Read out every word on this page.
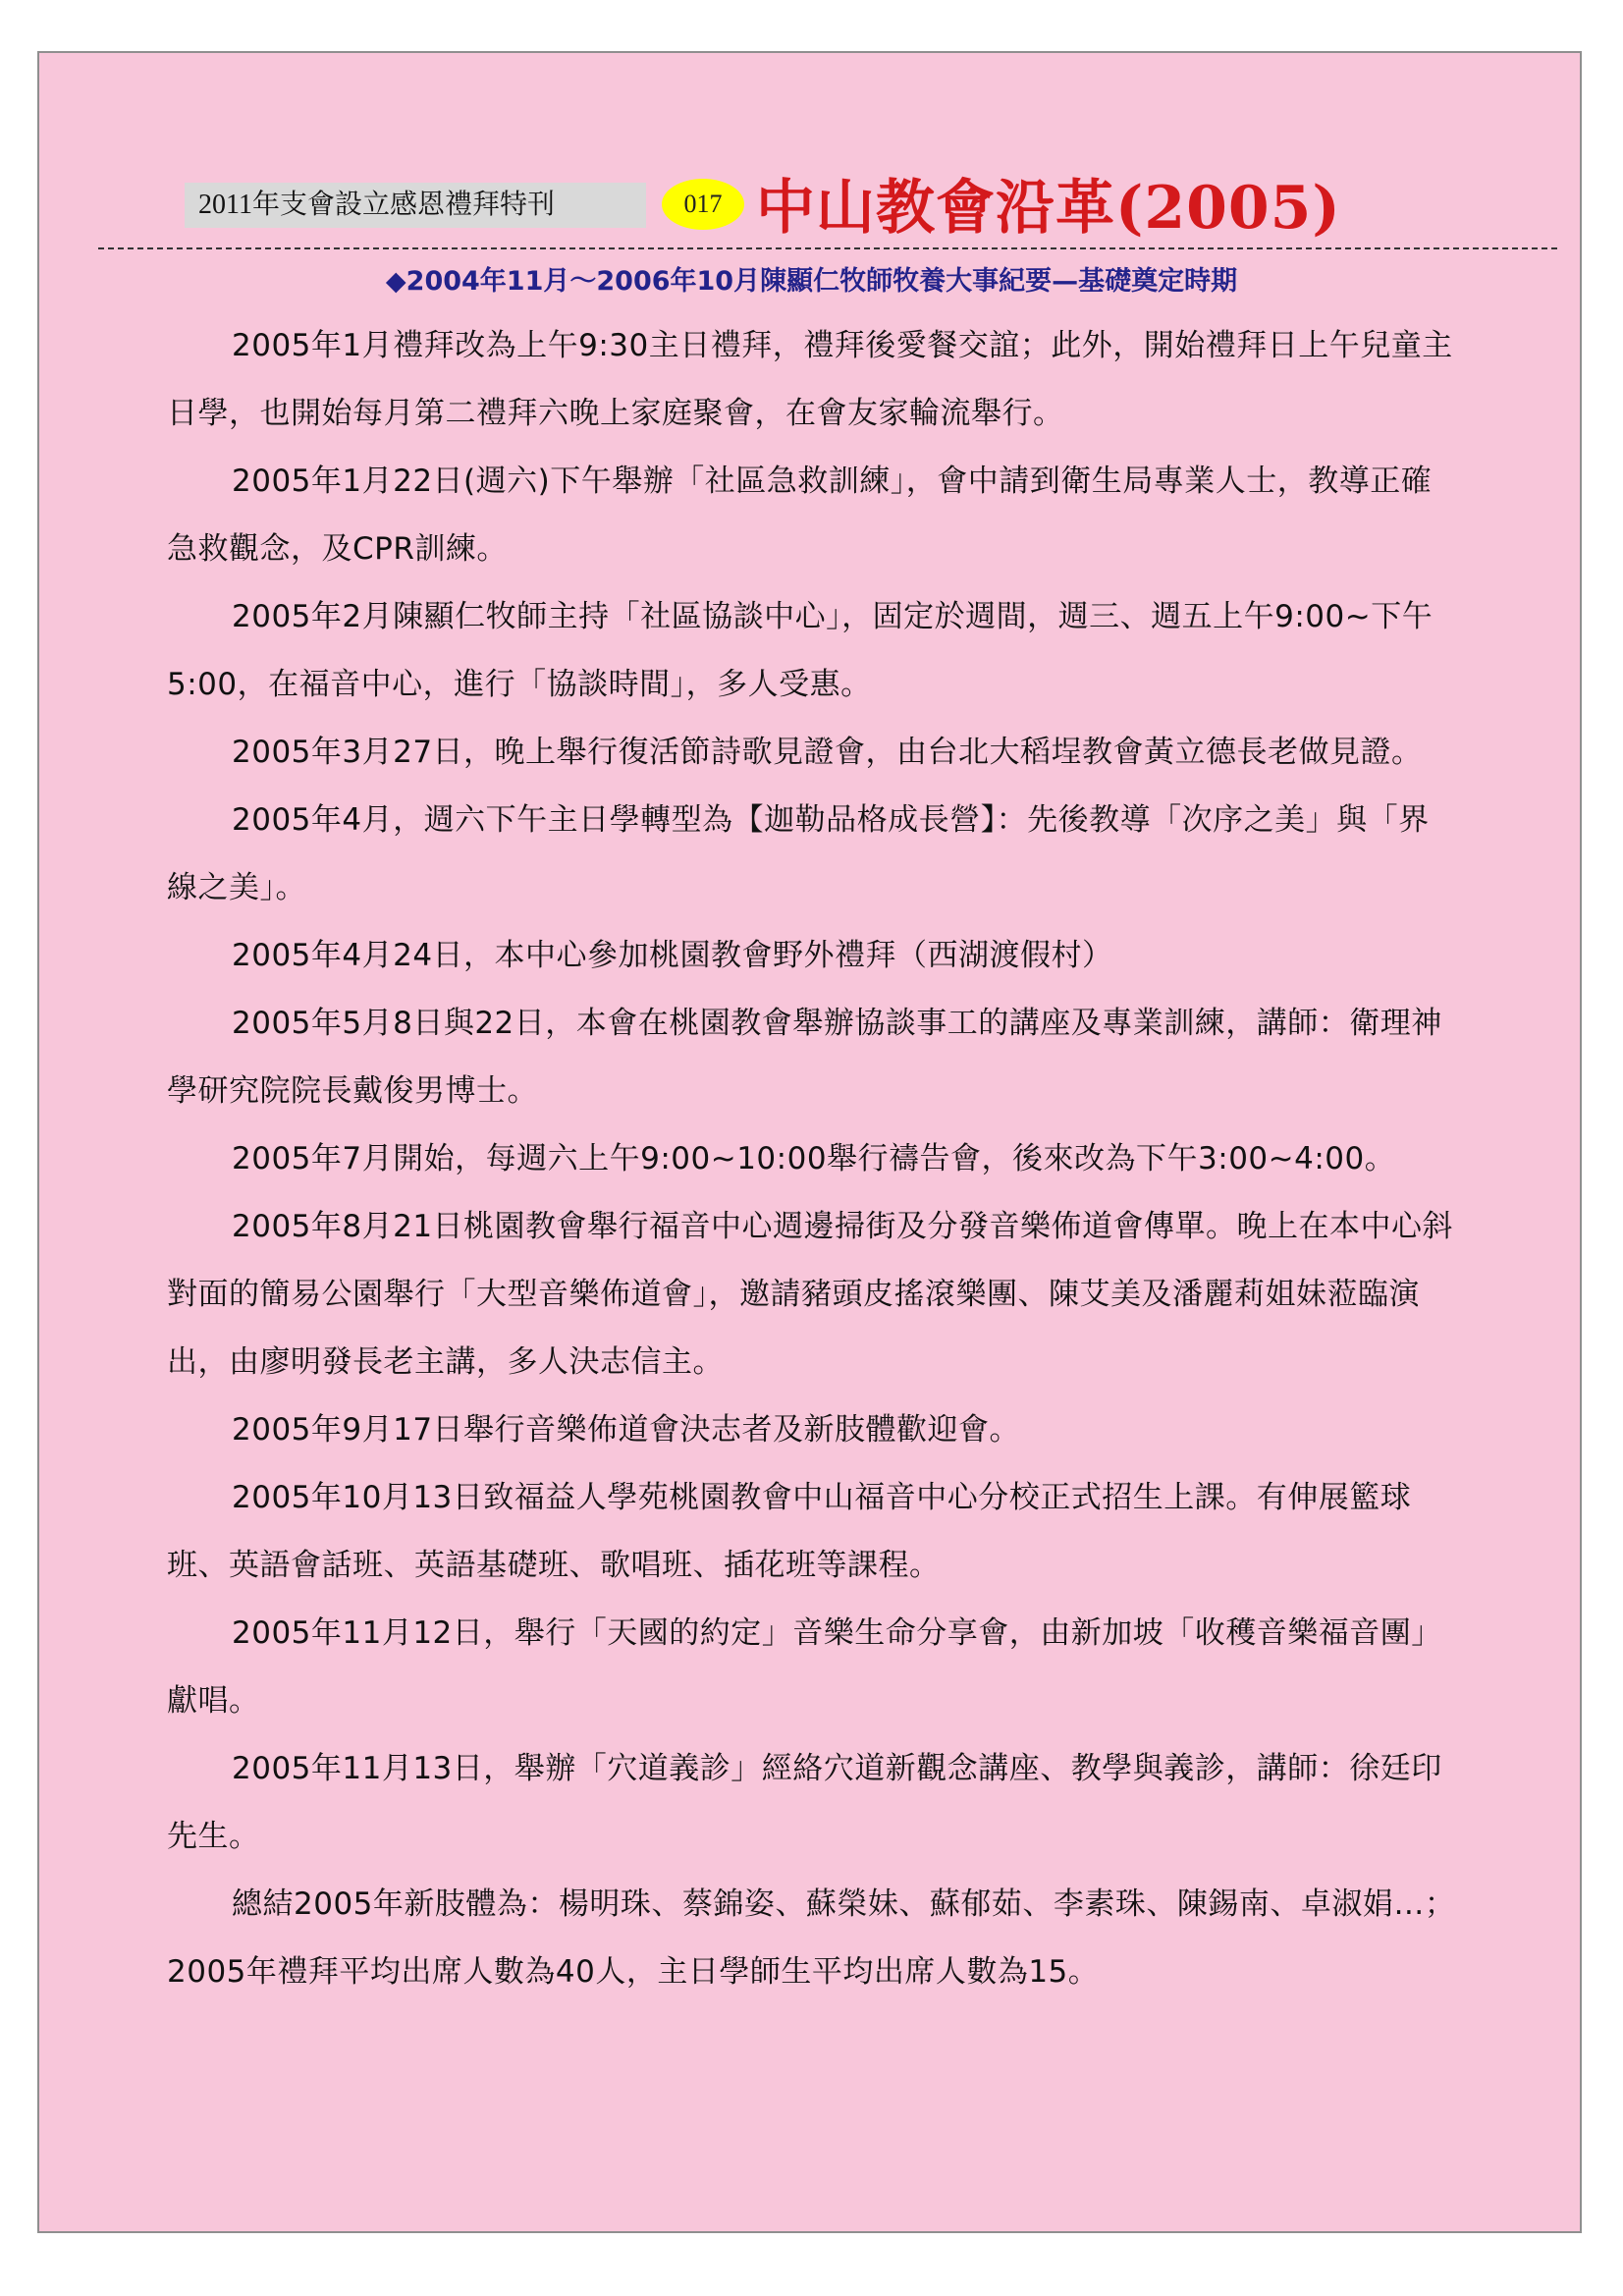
2011年支會設立感恩禮拜特刊	017 中山教會沿革(2005)
◆2004年11月～2006年10月陳顯仁牧師牧養大事紀要—基礎奠定時期

2005年1月禮拜改為上午9:30主日禮拜，禮拜後愛餐交誼；此外，開始禮拜日上午兒童主日學，也開始每月第二禮拜六晚上家庭聚會，在會友家輪流舉行。

2005年1月22日(週六)下午舉辦「社區急救訓練」，會中請到衛生局專業人士，教導正確急救觀念，及CPR訓練。

2005年2月陳顯仁牧師主持「社區協談中心」，固定於週間，週三、週五上午9:00~下午5:00，在福音中心，進行「協談時間」，多人受惠。

2005年3月27日，晚上舉行復活節詩歌見證會，由台北大稻埕教會黃立德長老做見證。

2005年4月，週六下午主日學轉型為【迦勒品格成長營】：先後教導「次序之美」與「界線之美」。

2005年4月24日，本中心參加桃園教會野外禮拜（西湖渡假村）

2005年5月8日與22日，本會在桃園教會舉辦協談事工的講座及專業訓練，講師：衛理神學研究院院長戴俊男博士。

2005年7月開始，每週六上午9:00~10:00舉行禱告會，後來改為下午3:00~4:00。

2005年8月21日桃園教會舉行福音中心週邊掃街及分發音樂佈道會傳單。晚上在本中心斜對面的簡易公園舉行「大型音樂佈道會」，邀請豬頭皮搖滾樂團、陳艾美及潘麗莉姐妹蒞臨演出，由廖明發長老主講，多人決志信主。

2005年9月17日舉行音樂佈道會決志者及新肢體歡迎會。

2005年10月13日致福益人學苑桃園教會中山福音中心分校正式招生上課。有伸展籃球班、英語會話班、英語基礎班、歌唱班、插花班等課程。

2005年11月12日，舉行「天國的約定」音樂生命分享會，由新加坡「收穫音樂福音團」獻唱。

2005年11月13日，舉辦「穴道義診」經絡穴道新觀念講座、教學與義診，講師：徐廷印先生。

總結2005年新肢體為：楊明珠、蔡錦姿、蘇榮妹、蘇郁茹、李素珠、陳錫南、卓淑娟…；2005年禮拜平均出席人數為40人，主日學師生平均出席人數為15。
